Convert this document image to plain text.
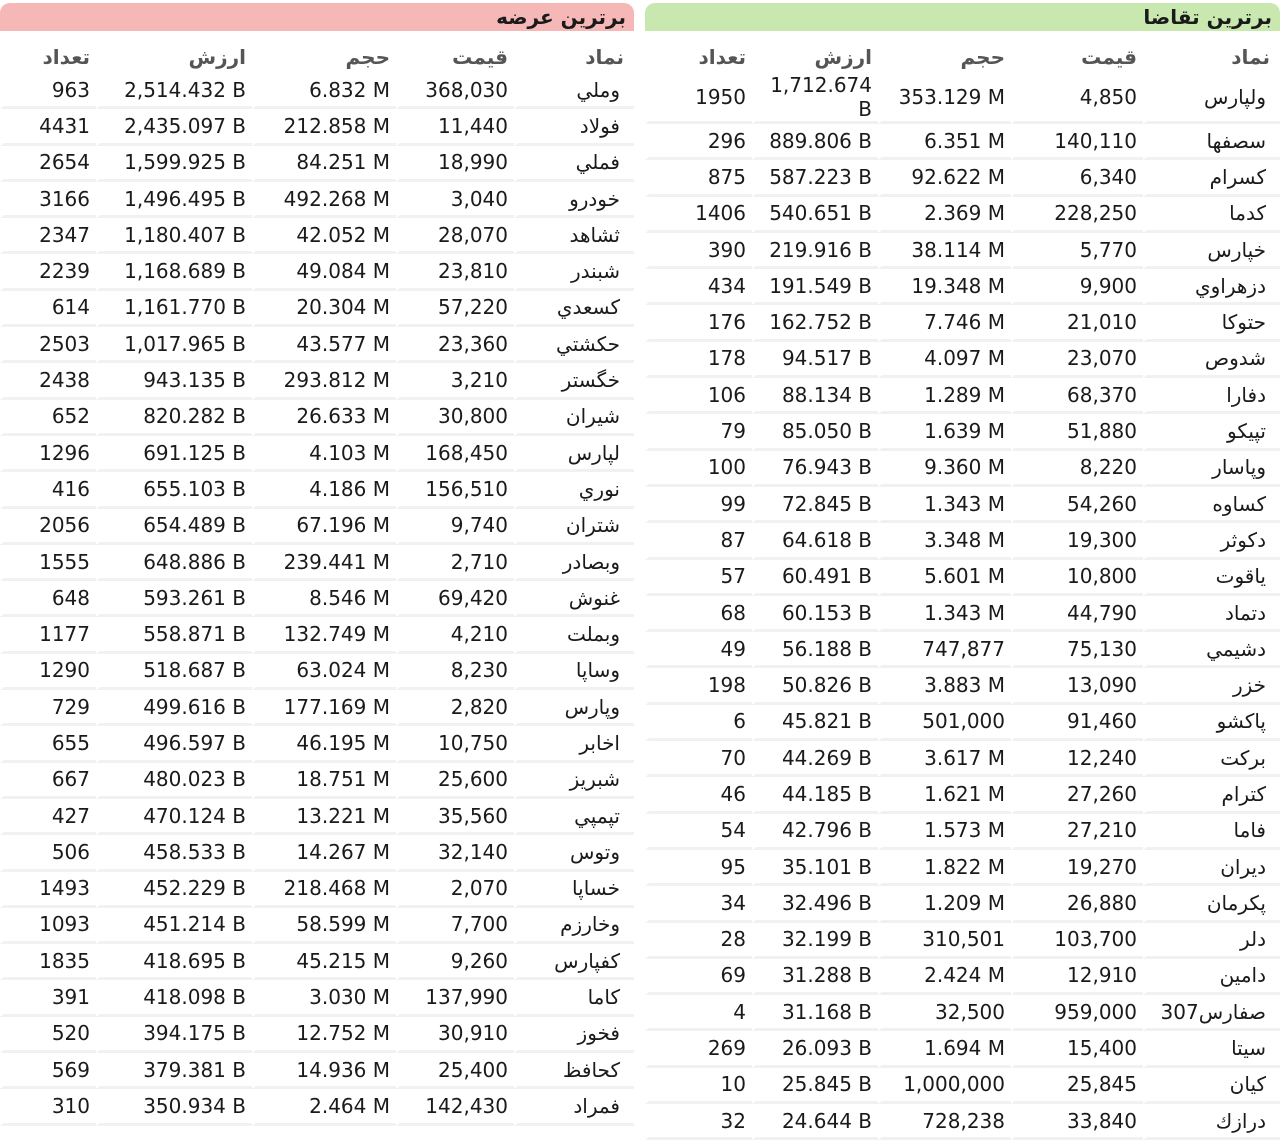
برترین تقاضا
تعداد	ارزش	حجم	قیمت	نماد
1950	1,712.674 B	353.129 M	4,850	ولپارس
296	889.806 B	6.351 M	140,110	سصفها
875	587.223 B	92.622 M	6,340	كسرام
1406	540.651 B	2.369 M	228,250	كدما
390	219.916 B	38.114 M	5,770	خپارس
434	191.549 B	19.348 M	9,900	دزهراوي
176	162.752 B	7.746 M	21,010	حتوكا
178	94.517 B	4.097 M	23,070	شدوص
106	88.134 B	1.289 M	68,370	دفارا
79	85.050 B	1.639 M	51,880	تپيكو
100	76.943 B	9.360 M	8,220	وپاسار
99	72.845 B	1.343 M	54,260	كساوه
87	64.618 B	3.348 M	19,300	دكوثر
57	60.491 B	5.601 M	10,800	ياقوت
68	60.153 B	1.343 M	44,790	دتماد
49	56.188 B	747,877	75,130	دشيمي
198	50.826 B	3.883 M	13,090	خزر
6	45.821 B	501,000	91,460	پاكشو
70	44.269 B	3.617 M	12,240	بركت
46	44.185 B	1.621 M	27,260	كترام
54	42.796 B	1.573 M	27,210	فاما
95	35.101 B	1.822 M	19,270	ديران
34	32.496 B	1.209 M	26,880	پكرمان
28	32.199 B	310,501	103,700	دلر
69	31.288 B	2.424 M	12,910	دامين
4	31.168 B	32,500	959,000	صفارس307
269	26.093 B	1.694 M	15,400	سيتا
10	25.845 B	1,000,000	25,845	كيان
32	24.644 B	728,238	33,840	درازك
برترین عرضه
تعداد	ارزش	حجم	قیمت	نماد
963	2,514.432 B	6.832 M	368,030	وملي
4431	2,435.097 B	212.858 M	11,440	فولاد
2654	1,599.925 B	84.251 M	18,990	فملي
3166	1,496.495 B	492.268 M	3,040	خودرو
2347	1,180.407 B	42.052 M	28,070	ثشاهد
2239	1,168.689 B	49.084 M	23,810	شبندر
614	1,161.770 B	20.304 M	57,220	كسعدي
2503	1,017.965 B	43.577 M	23,360	حكشتي
2438	943.135 B	293.812 M	3,210	خگستر
652	820.282 B	26.633 M	30,800	شيران
1296	691.125 B	4.103 M	168,450	لپارس
416	655.103 B	4.186 M	156,510	نوري
2056	654.489 B	67.196 M	9,740	شتران
1555	648.886 B	239.441 M	2,710	وبصادر
648	593.261 B	8.546 M	69,420	غنوش
1177	558.871 B	132.749 M	4,210	وبملت
1290	518.687 B	63.024 M	8,230	وساپا
729	499.616 B	177.169 M	2,820	وپارس
655	496.597 B	46.195 M	10,750	اخابر
667	480.023 B	18.751 M	25,600	شبريز
427	470.124 B	13.221 M	35,560	تپمپي
506	458.533 B	14.267 M	32,140	وتوس
1493	452.229 B	218.468 M	2,070	خساپا
1093	451.214 B	58.599 M	7,700	وخارزم
1835	418.695 B	45.215 M	9,260	كفپارس
391	418.098 B	3.030 M	137,990	كاما
520	394.175 B	12.752 M	30,910	فخوز
569	379.381 B	14.936 M	25,400	كحافظ
310	350.934 B	2.464 M	142,430	فمراد
